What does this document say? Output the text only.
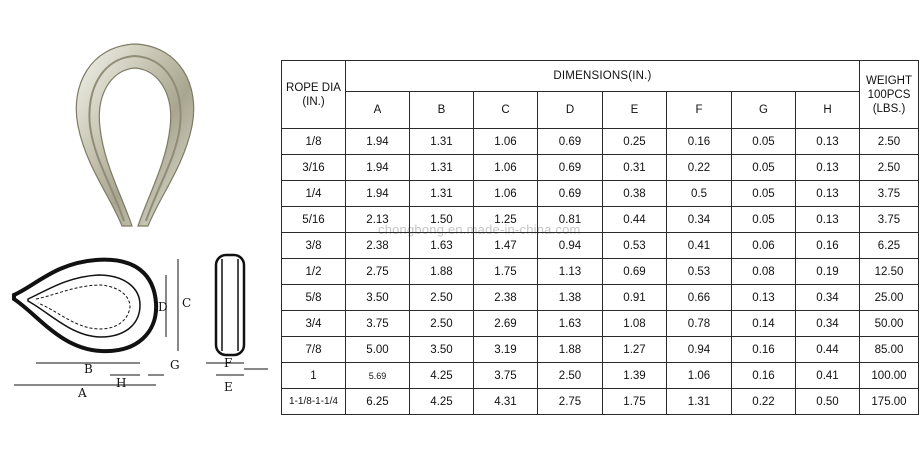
A
B
H
G
C
D
F
E
chongbong.en.made-in-china.com
ROPE DIA
(IN.)	DIMENSIONS(IN.)								WEIGHT
100PCS
(LBS.)
	A	B	C	D	E	F	G	H	
1/8	1.94	1.31	1.06	0.69	0.25	0.16	0.05	0.13	2.50
3/16	1.94	1.31	1.06	0.69	0.31	0.22	0.05	0.13	2.50
1/4	1.94	1.31	1.06	0.69	0.38	0.5	0.05	0.13	3.75
5/16	2.13	1.50	1.25	0.81	0.44	0.34	0.05	0.13	3.75
3/8	2.38	1.63	1.47	0.94	0.53	0.41	0.06	0.16	6.25
1/2	2.75	1.88	1.75	1.13	0.69	0.53	0.08	0.19	12.50
5/8	3.50	2.50	2.38	1.38	0.91	0.66	0.13	0.34	25.00
3/4	3.75	2.50	2.69	1.63	1.08	0.78	0.14	0.34	50.00
7/8	5.00	3.50	3.19	1.88	1.27	0.94	0.16	0.44	85.00
1	5.69	4.25	3.75	2.50	1.39	1.06	0.16	0.41	100.00
1-1/8-1-1/4	6.25	4.25	4.31	2.75	1.75	1.31	0.22	0.50	175.00
